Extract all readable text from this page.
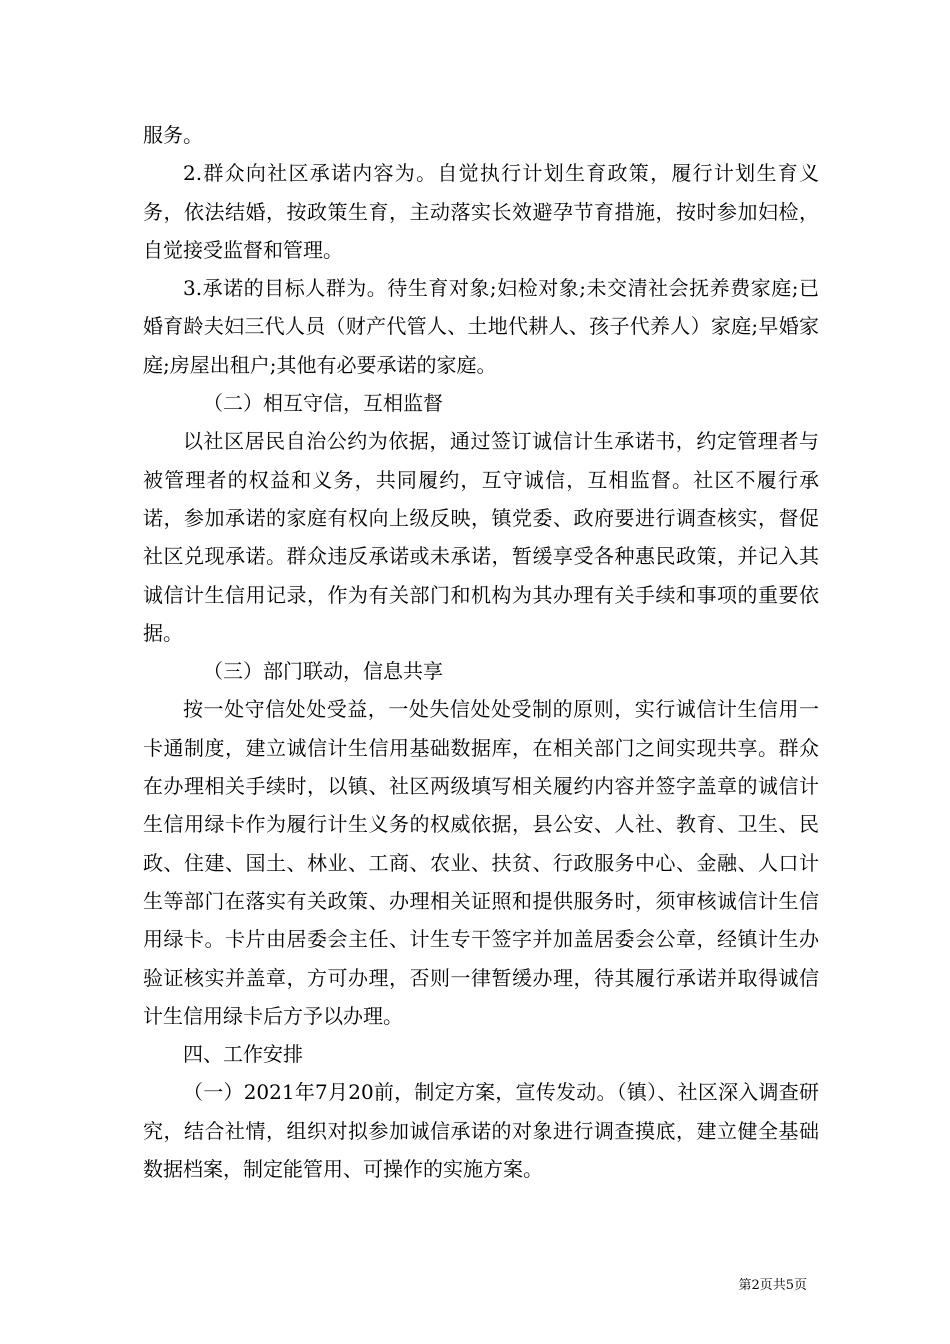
服务。

2.群众向社区承诺内容为。自觉执行计划生育政策，履行计划生育义务，依法结婚，按政策生育，主动落实长效避孕节育措施，按时参加妇检，自觉接受监督和管理。

3.承诺的目标人群为。待生育对象;妇检对象;未交清社会抚养费家庭;已婚育龄夫妇三代人员（财产代管人、土地代耕人、孩子代养人）家庭;早婚家庭;房屋出租户;其他有必要承诺的家庭。

（二）相互守信，互相监督

以社区居民自治公约为依据，通过签订诚信计生承诺书，约定管理者与被管理者的权益和义务，共同履约，互守诚信，互相监督。社区不履行承诺，参加承诺的家庭有权向上级反映，镇党委、政府要进行调查核实，督促社区兑现承诺。群众违反承诺或未承诺，暂缓享受各种惠民政策，并记入其诚信计生信用记录，作为有关部门和机构为其办理有关手续和事项的重要依据。

（三）部门联动，信息共享

按一处守信处处受益，一处失信处处受制的原则，实行诚信计生信用一卡通制度，建立诚信计生信用基础数据库，在相关部门之间实现共享。群众在办理相关手续时，以镇、社区两级填写相关履约内容并签字盖章的诚信计生信用绿卡作为履行计生义务的权威依据，县公安、人社、教育、卫生、民政、住建、国土、林业、工商、农业、扶贫、行政服务中心、金融、人口计生等部门在落实有关政策、办理相关证照和提供服务时，须审核诚信计生信用绿卡。卡片由居委会主任、计生专干签字并加盖居委会公章，经镇计生办验证核实并盖章，方可办理，否则一律暂缓办理，待其履行承诺并取得诚信计生信用绿卡后方予以办理。

四、工作安排

（一）2021年7月20前，制定方案，宣传发动。（镇）、社区深入调查研究，结合社情，组织对拟参加诚信承诺的对象进行调查摸底，建立健全基础数据档案，制定能管用、可操作的实施方案。

第2页共5页
